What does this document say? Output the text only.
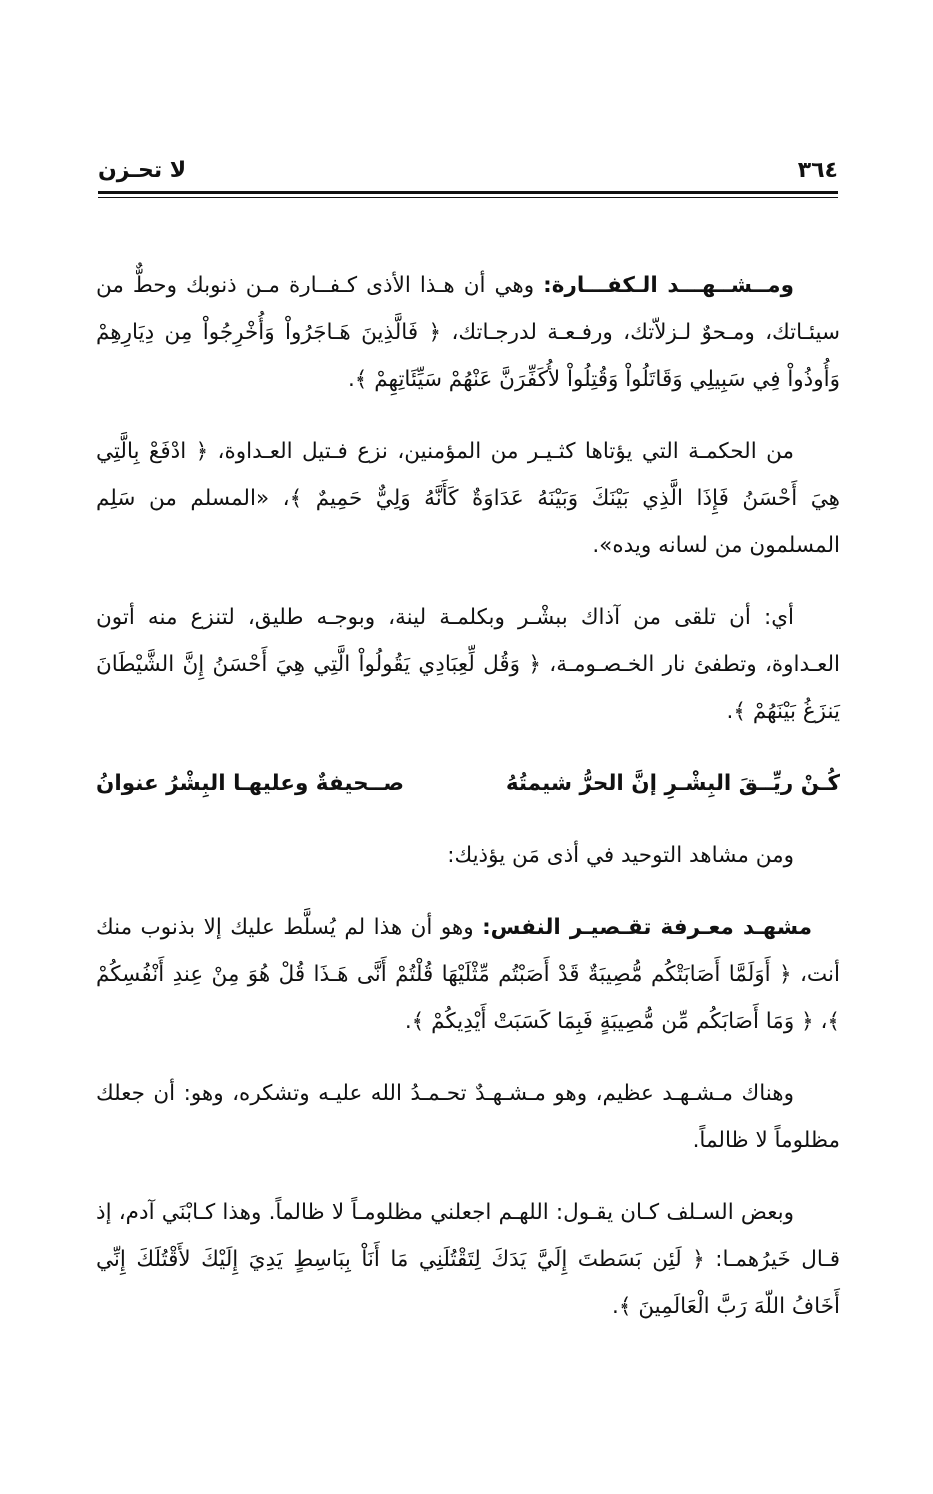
٣٦٤
لا تحـزن

ومــشــهـــد الـكفـــارة: وهي أن هـذا الأذى كـفــارة مـن ذنوبك وحطٌّ من سيئـاتك، ومـحوٌ لـزلاّتك، ورفـعـة لدرجـاتك، ﴿ فَالَّذِينَ هَـاجَرُواْ وَأُخْرِجُواْ مِن دِيَارِهِمْ وَأُوذُواْ فِي سَبِيلِي وَقَاتَلُواْ وَقُتِلُواْ لأُكَفِّرَنَّ عَنْهُمْ سَيِّئَاتِهِمْ ﴾.

من الحكمـة التي يؤتاها كثـيـر من المؤمنين، نزع فـتيل العـداوة، ﴿ ادْفَعْ بِالَّتِي هِيَ أَحْسَنُ فَإِذَا الَّذِي بَيْنَكَ وَبَيْنَهُ عَدَاوَةٌ كَأَنَّهُ وَلِيٌّ حَمِيمٌ ﴾، «المسلم من سَلِم المسلمون من لسانه ويده».

أي: أن تلقى من آذاك ببشْـر وبكلمـة لينة، وبوجـه طليق، لتنزع منه أتون العـداوة، وتطفئ نار الخـصـومـة، ﴿ وَقُل لِّعِبَادِي يَقُولُواْ الَّتِي هِيَ أَحْسَنُ إِنَّ الشَّيْطَانَ يَنزَغُ بَيْنَهُمْ ﴾.

كُـنْ ريِّــقَ البِشْـرِ إنَّ الحرُّ شيمتُهُ
صــحيفةٌ وعليهـا البِشْرُ عنوانُ

ومن مشاهد التوحيد في أذى مَن يؤذيك:

مشهـد معـرفة تقـصيـر النفس: وهو أن هذا لم يُسلَّط عليك إلا بذنوب منك أنت، ﴿ أَوَلَمَّا أَصَابَتْكُم مُّصِيبَةٌ قَدْ أَصَبْتُم مِّثْلَيْهَا قُلْتُمْ أَنَّى هَـذَا قُلْ هُوَ مِنْ عِندِ أَنْفُسِكُمْ ﴾، ﴿ وَمَا أَصَابَكُم مِّن مُّصِيبَةٍ فَبِمَا كَسَبَتْ أَيْدِيكُمْ ﴾.

وهناك مـشـهـد عظيم، وهو مـشـهـدٌ تحـمـدُ الله عليـه وتشكره، وهو: أن جعلك مظلوماً لا ظالماً.

وبعض السـلف كـان يقـول: اللهـم اجعلني مظلومـاً لا ظالماً. وهذا كـابْنَي آدم، إذ قـال خَيرُهمـا: ﴿ لَئِن بَسَطتَ إِلَيَّ يَدَكَ لِتَقْتُلَنِي مَا أَنَاْ بِبَاسِطٍ يَدِيَ إِلَيْكَ لأَقْتُلَكَ إِنِّي أَخَافُ اللّهَ رَبَّ الْعَالَمِينَ ﴾.
